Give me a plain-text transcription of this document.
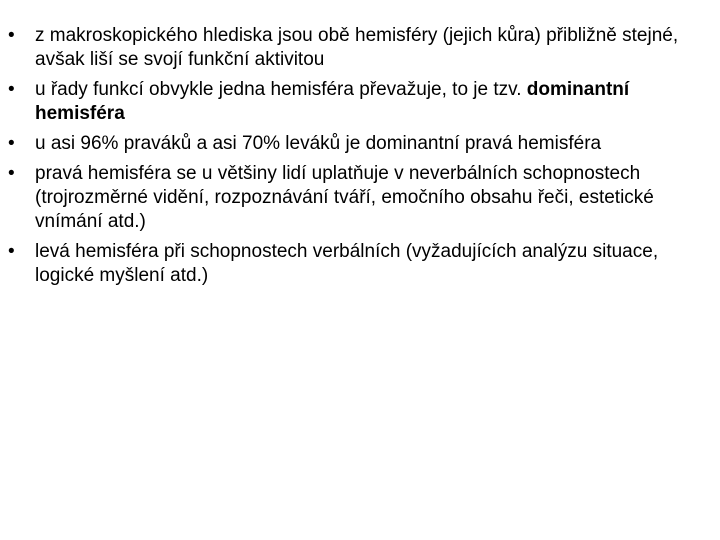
•	z makroskopického hlediska jsou obě hemisféry (jejich kůra) přibližně stejné, avšak liší se svojí funkční aktivitou
•	u řady funkcí obvykle jedna hemisféra převažuje, to je tzv. dominantní hemisféra
•	u asi 96% praváků a asi 70% leváků je dominantní pravá hemisféra
•	pravá hemisféra se u většiny lidí uplatňuje v neverbálních schopnostech (trojrozměrné vidění, rozpoznávání tváří, emočního obsahu řeči, estetické vnímání atd.)
•	levá hemisféra při schopnostech verbálních (vyžadujících analýzu situace, logické myšlení atd.)
